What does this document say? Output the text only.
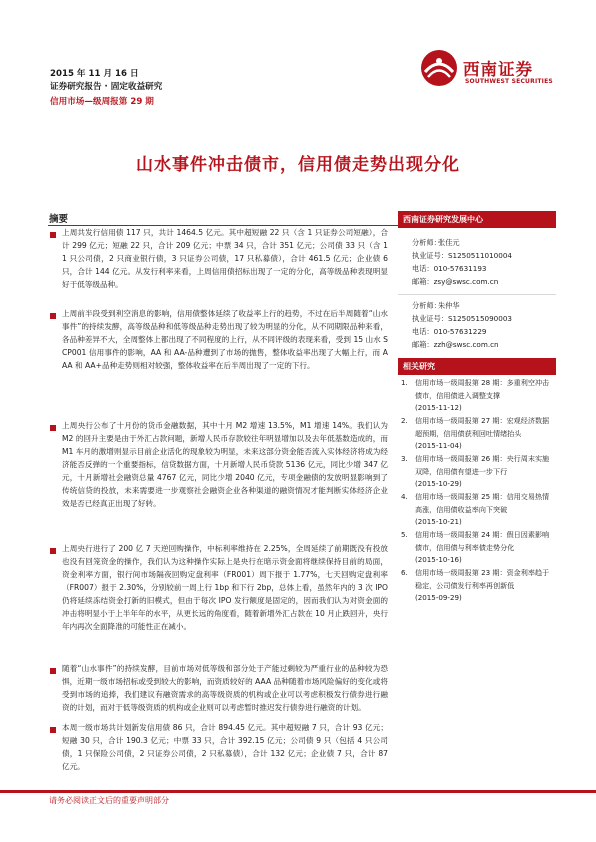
2015 年 11 月 16 日
证券研究报告 · 固定收益研究
信用市场—级周报第 29 期
西南证券
SOUTHWEST SECURITIES
山水事件冲击债市，信用债走势出现分化
摘要
上周共发行信用债 117 只，共计 1464.5 亿元。其中超短融 22 只（含 1 只证券公司短融），合计 299 亿元；短融 22 只，合计 209 亿元；中票 34 只，合计 351 亿元；公司债 33 只（含 11 只公司债，2 只商业银行债，3 只证券公司债，17 只私募债），合计 461.5 亿元；企业债 6 只，合计 144 亿元。从发行利率来看，上周信用债招标出现了一定的分化，高等级品种表现明显好于低等级品种。
上周前半段受到利空消息的影响，信用债整体延续了收益率上行的趋势，不过在后半周随着“山水事件”的持续发酵，高等级品种和低等级品种走势出现了较为明显的分化，从不同期限品种来看，各品种差异不大，全周整体上都出现了不同程度的上行，从不同评级的表现来看，受到 15 山水 SCP001 信用事件的影响，AA 和 AA-品种遭到了市场的抛售，整体收益率出现了大幅上行，而 AAA 和 AA+品种走势则相对较强，整体收益率在后半周出现了一定的下行。
上周央行公布了十月份的货币金融数据，其中十月 M2 增速 13.5%，M1 增速 14%。我们认为 M2 的回升主要是由于外汇占款问题，新增人民币存款较往年明显增加以及去年低基数造成的，而 M1 车月的激增则显示目前企业活化的现象较为明显，未来这部分资金能否流入实体经济将成为经济能否反弹的一个重要指标，信贷数据方面，十月新增人民币贷款 5136 亿元，同比少增 347 亿元，十月新增社会融资总量 4767 亿元，同比少增 2040 亿元，专项金融债的发放明显影响到了传统信贷的投放，未来需要进一步观察社会融资企业各种渠道的融资情况才能判断实体经济企业效是否已经真正出现了好转。
上周央行进行了 200 亿 7 天逆回购操作，中标利率维持在 2.25%，全周延续了前期既没有投放也没有回笼资金的操作，我们认为这种操作实际上是央行在暗示资金面将继续保持目前的局面，资金利率方面，银行间市场隔夜回购定盘利率（FR001）周下报于 1.77%，七天回购定盘利率（FR007）报于 2.30%，分别较前一周上行 1bp 和下行 2bp，总体上看，虽然年内的 3 次 IPO 仍将延续冻结资金打新的旧模式，但由于每次 IPO 发行额度是固定的，因而我们认为对资金面的冲击将明显小于上半年年的水平，从更长远的角度看，随着新增外汇占款在 10 月止跌回升，央行年内再次全面降准的可能性正在减小。
随着“山水事件”的持续发酵，目前市场对低等级和部分处于产能过剩较为严重行业的品种较为恐惧，近期一级市场招标或受到较大的影响，而资质较好的 AAA 品种随着市场风险偏好的变化或将受到市场的追捧，我们建议有融资需求的高等级资质的机构或企业可以考虑积极发行债券进行融资的计划，而对于低等级资质的机构或企业则可以考虑暂时推迟发行债券进行融资的计划。
本周一级市场共计划新发信用债 86 只，合计 894.45 亿元。其中超短融 7 只，合计 93 亿元；短融 30 只，合计 190.3 亿元；中票 33 只，合计 392.15 亿元；公司债 9 只（包括 4 只公司债，1 只保险公司债，2 只证券公司债，2 只私募债），合计 132 亿元；企业债 7 只，合计 87 亿元。
西南证券研究发展中心
分析师：张佳元
执业证号：S1250511010004
电话：010-57631193
邮箱：zsy@swsc.com.cn
分析师：朱仲华
执业证号：S1250515090003
电话：010-57631229
邮箱：zzh@swsc.com.cn
相关研究
1. 信用市场一级周报第 28 期：多重利空冲击债市，信用债进入调整支撑
(2015-11-12)
2. 信用市场一级周报第 27 期：宏观经济数据超预期，信用债获利回吐情绪抬头
(2015-11-04)
3. 信用市场一级周报第 26 期：央行周末实施双降，信用债有望进一步下行
(2015-10-29)
4. 信用市场一级周报第 25 期：信用交易热情高涨，信用债收益率向下突破
(2015-10-21)
5. 信用市场一级周报第 24 期：假日因素影响债市，信用债与利率债走势分化
(2015-10-16)
6. 信用市场一级周报第 23 期：资金利率趋于稳定，公司债发行利率再创新低
(2015-09-29)
请务必阅读正文后的重要声明部分
